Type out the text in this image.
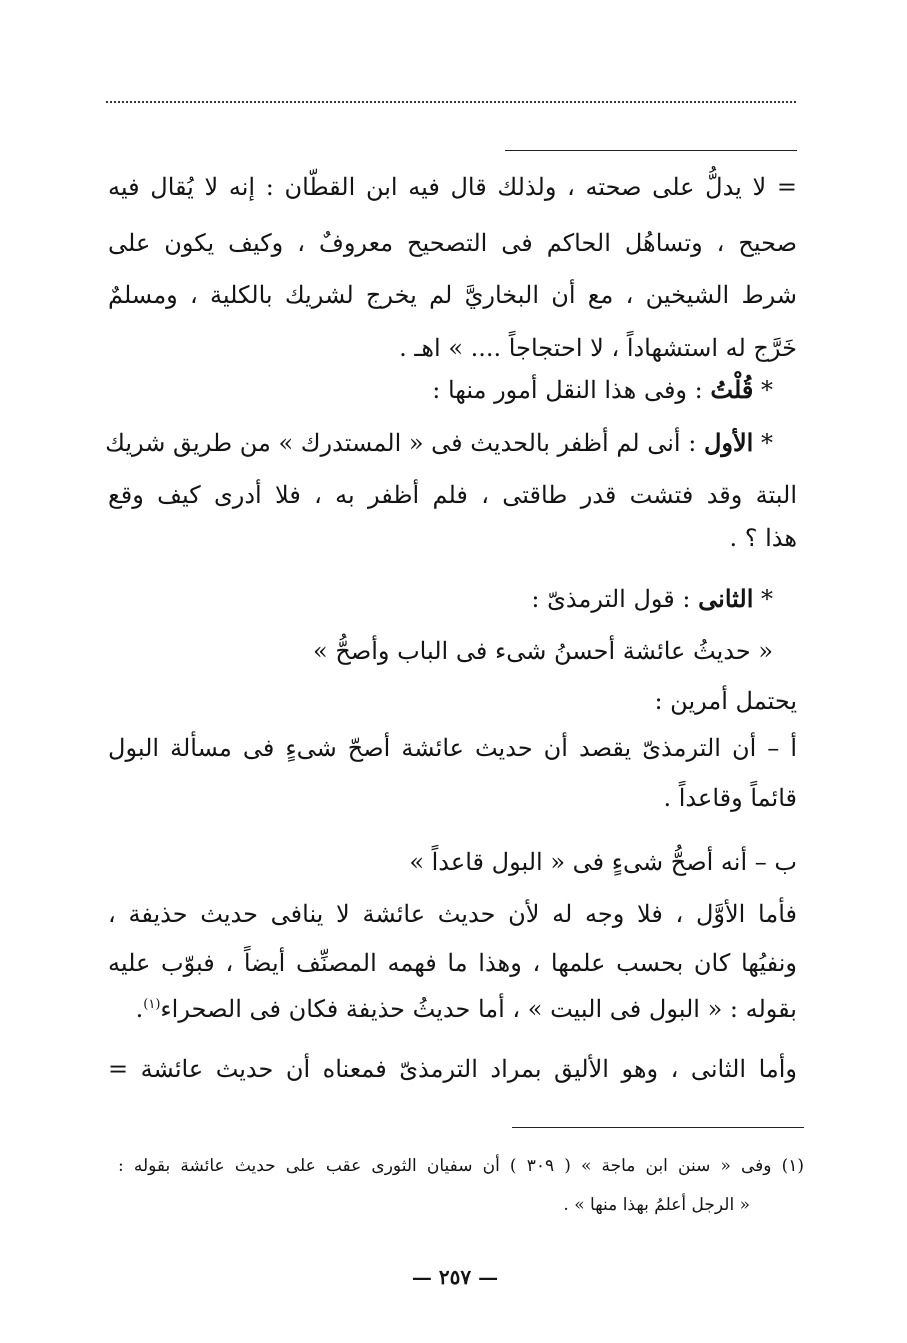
= لا يدلُّ على صحته ، ولذلك قال فيه ابن القطّان : إنه لا يُقال فيه
صحيح ، وتساهُل الحاكم فى التصحيح معروفٌ ، وكيف يكون على
شرط الشيخين ، مع أن البخاريَّ لم يخرج لشريك بالكلية ، ومسلمٌ
خَرَّج له استشهاداً ، لا احتجاجاً .... » اهـ .
* قُلْتُ : وفى هذا النقل أمور منها :
* الأول : أنى لم أظفر بالحديث فى « المستدرك » من طريق شريك
البتة وقد فتشت قدر طاقتى ، فلم أظفر به ، فلا أدرى كيف وقع
هذا ؟ .
* الثانى : قول الترمذىّ :
« حديثُ عائشة أحسنُ شىء فى الباب وأصحُّ »
يحتمل أمرين :
أ – أن الترمذىّ يقصد أن حديث عائشة أصحّ شىءٍ فى مسألة البول
قائماً وقاعداً .
ب – أنه أصحُّ شىءٍ فى « البول قاعداً »
فأما الأوَّل ، فلا وجه له لأن حديث عائشة لا ينافى حديث حذيفة ،
ونفيُها كان بحسب علمها ، وهذا ما فهمه المصنِّف أيضاً ، فبوّب عليه
بقوله : « البول فى البيت » ، أما حديثُ حذيفة فكان فى الصحراء$^{(١)}$.
وأما الثانى ، وهو الأليق بمراد الترمذىّ فمعناه أن حديث عائشة =
(١) وفى « سنن ابن ماجة » ( ٣٠٩ ) أن سفيان الثورى عقب على حديث عائشة بقوله :
« الرجل أعلمُ بهذا منها » .
— ٢٥٧ —
